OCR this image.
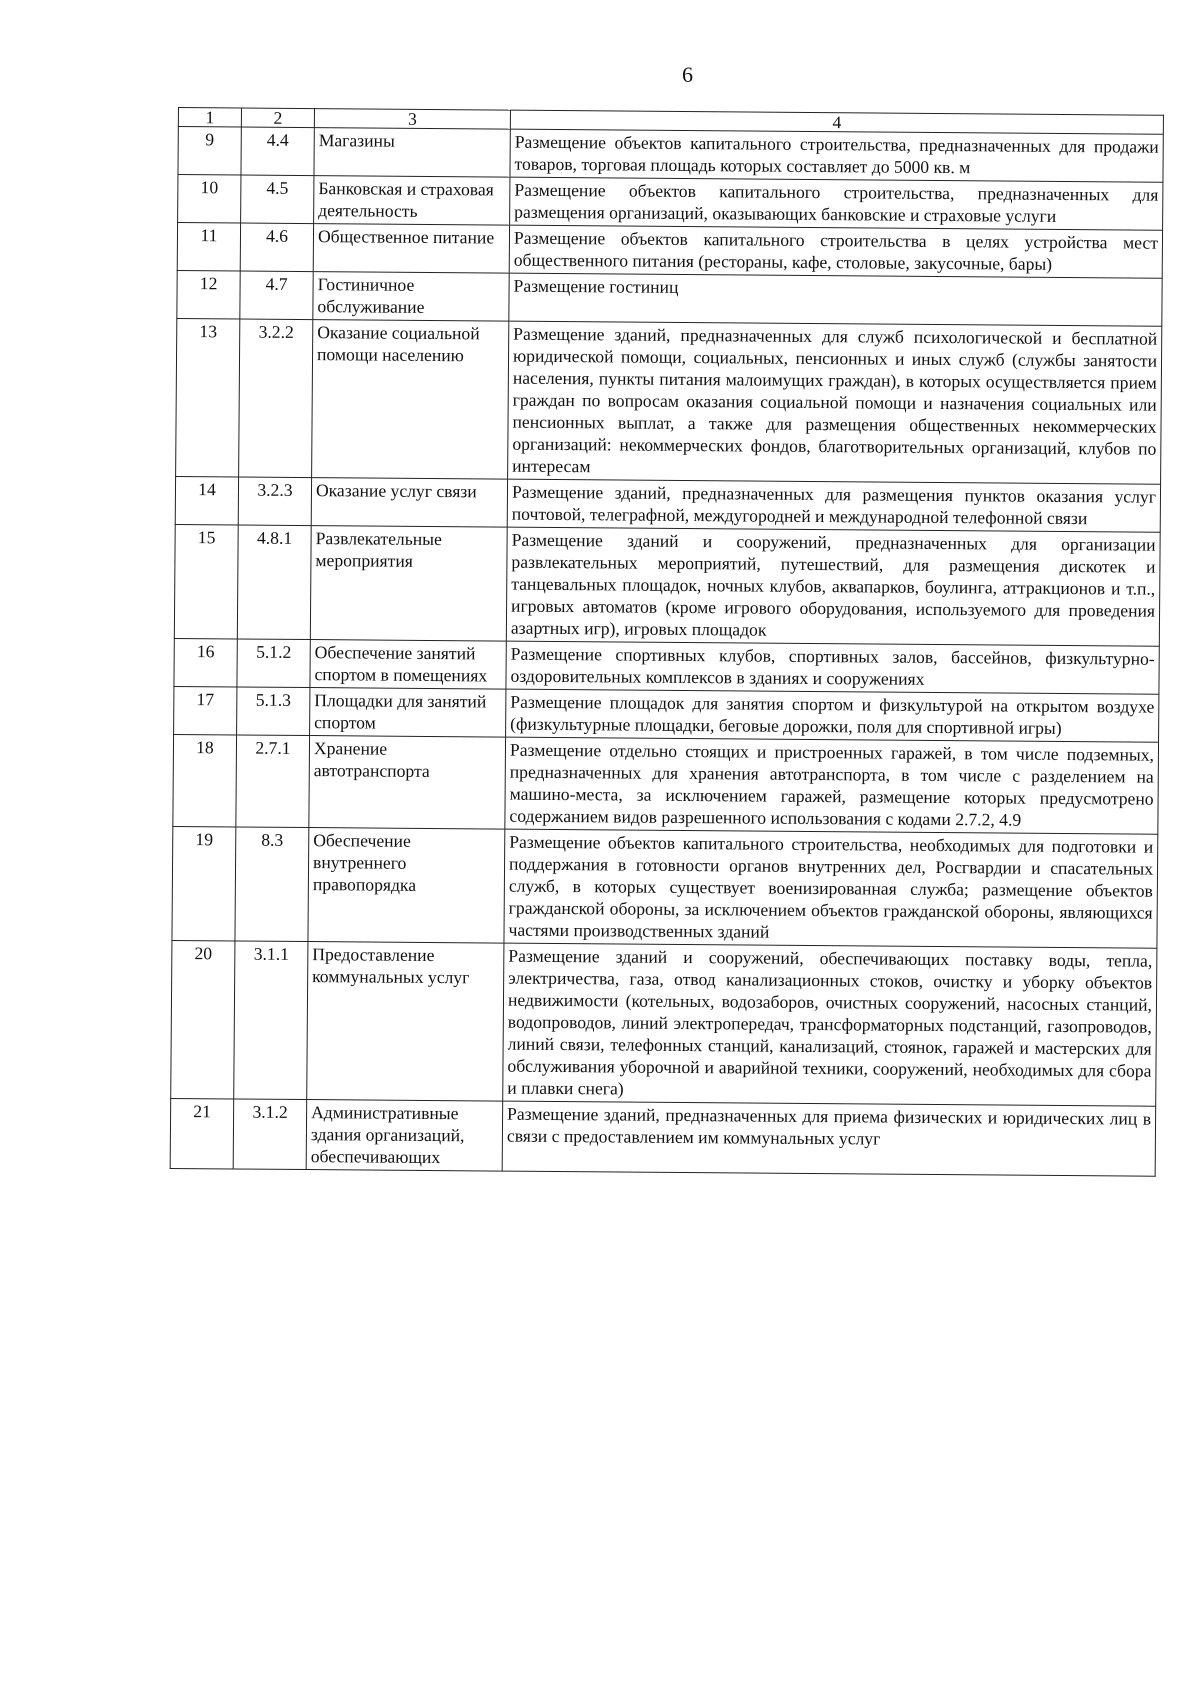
6
1	2	3	4
9	4.4	Магазины	Размещение объектов капитального строительства, предназначенных для продажи товаров, торговая площадь которых составляет до 5000 кв. м
10	4.5	Банковская и страховая деятельность	Размещение объектов капитального строительства, предназначенных для размещения организаций, оказывающих банковские и страховые услуги
11	4.6	Общественное питание	Размещение объектов капитального строительства в целях устройства мест общественного питания (рестораны, кафе, столовые, закусочные, бары)
12	4.7	Гостиничное обслуживание	Размещение гостиниц
13	3.2.2	Оказание социальной помощи населению	Размещение зданий, предназначенных для служб психологической и бесплатной юридической помощи, социальных, пенсионных и иных служб (службы занятости населения, пункты питания малоимущих граждан), в которых осуществляется прием граждан по вопросам оказания социальной помощи и назначения социальных или пенсионных выплат, а также для размещения общественных некоммерческих организаций: некоммерческих фондов, благотворительных организаций, клубов по интересам
14	3.2.3	Оказание услуг связи	Размещение зданий, предназначенных для размещения пунктов оказания услуг почтовой, телеграфной, междугородней и международной телефонной связи
15	4.8.1	Развлекательные мероприятия	Размещение зданий и сооружений, предназначенных для организации развлекательных мероприятий, путешествий, для размещения дискотек и танцевальных площадок, ночных клубов, аквапарков, боулинга, аттракционов и т.п., игровых автоматов (кроме игрового оборудования, используемого для проведения азартных игр), игровых площадок
16	5.1.2	Обеспечение занятий спортом в помещениях	Размещение спортивных клубов, спортивных залов, бассейнов, физкультурно-оздоровительных комплексов в зданиях и сооружениях
17	5.1.3	Площадки для занятий спортом	Размещение площадок для занятия спортом и физкультурой на открытом воздухе (физкультурные площадки, беговые дорожки, поля для спортивной игры)
18	2.7.1	Хранение автотранспорта	Размещение отдельно стоящих и пристроенных гаражей, в том числе подземных, предназначенных для хранения автотранспорта, в том числе с разделением на машино-места, за исключением гаражей, размещение которых предусмотрено содержанием видов разрешенного использования с кодами 2.7.2, 4.9
19	8.3	Обеспечение внутреннего правопорядка	Размещение объектов капитального строительства, необходимых для подготовки и поддержания в готовности органов внутренних дел, Росгвардии и спасательных служб, в которых существует военизированная служба; размещение объектов гражданской обороны, за исключением объектов гражданской обороны, являющихся частями производственных зданий
20	3.1.1	Предоставление коммунальных услуг	Размещение зданий и сооружений, обеспечивающих поставку воды, тепла, электричества, газа, отвод канализационных стоков, очистку и уборку объектов недвижимости (котельных, водозаборов, очистных сооружений, насосных станций, водопроводов, линий электропередач, трансформаторных подстанций, газопроводов, линий связи, телефонных станций, канализаций, стоянок, гаражей и мастерских для обслуживания уборочной и аварийной техники, сооружений, необходимых для сбора и плавки снега)
21	3.1.2	Административные здания организаций, обеспечивающих	Размещение зданий, предназначенных для приема физических и юридических лиц в связи с предоставлением им коммунальных услуг
